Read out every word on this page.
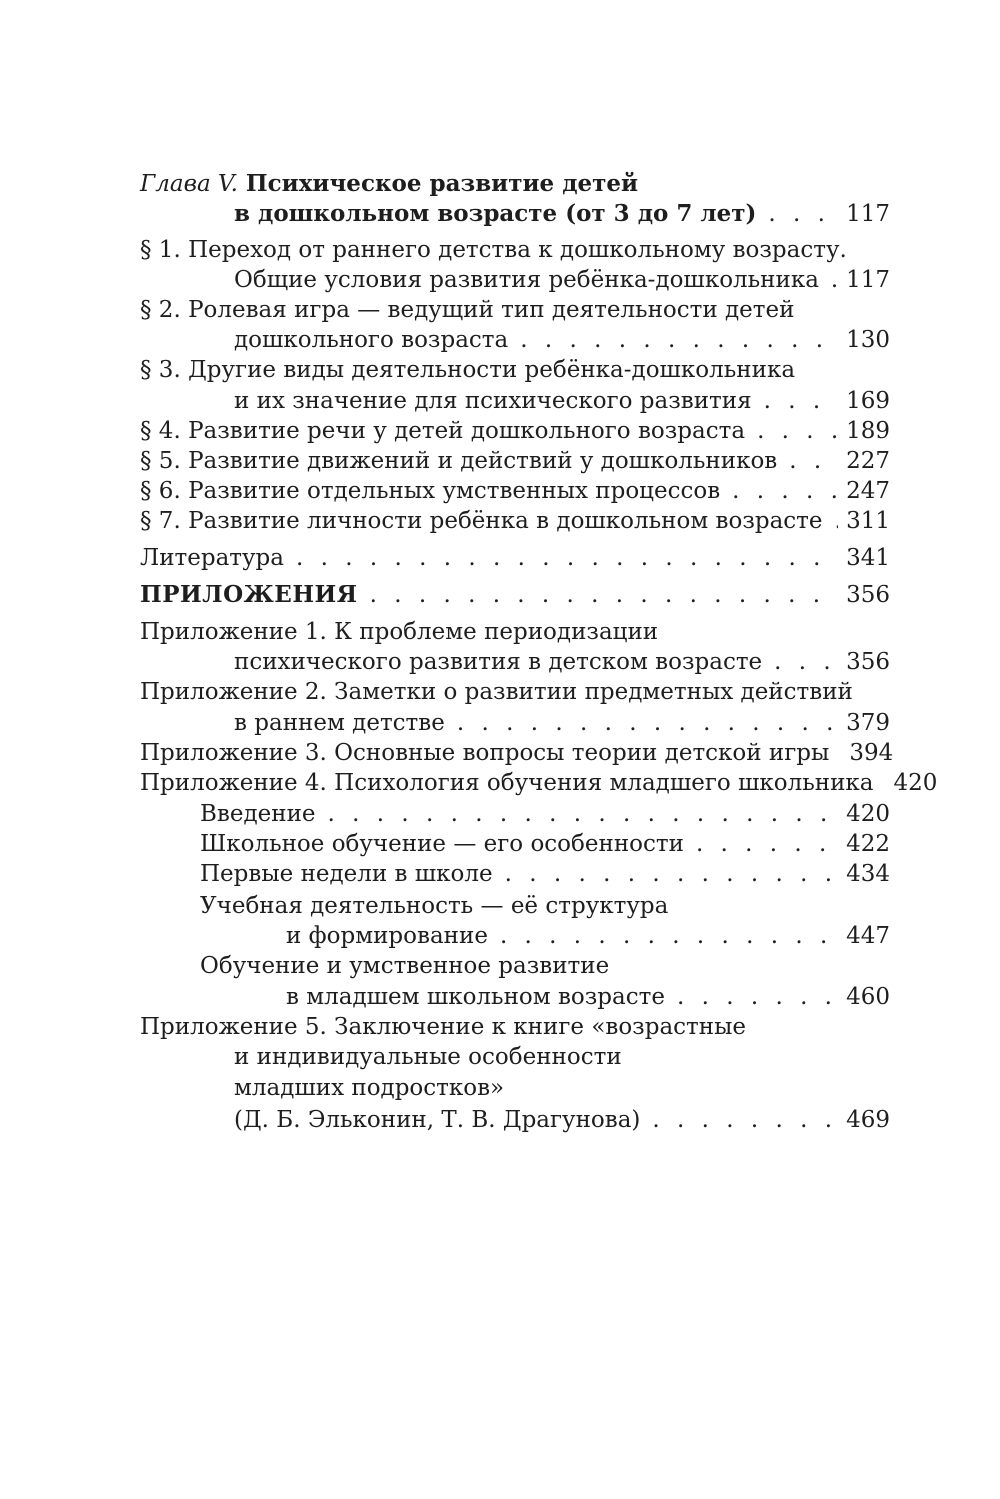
Глава V. Психическое развитие детей
в дошкольном возрасте (от 3 до 7 лет) . . .	117
§ 1. Переход от раннего детства к дошкольному возрасту.
Общие условия развития ребёнка-дошкольника . . . 117
§ 2. Ролевая игра — ведущий тип деятельности детей
дошкольного возраста . . .	130
§ 3. Другие виды деятельности ребёнка-дошкольника
и их значение для психического развития . . .	169
§ 4. Развитие речи у детей дошкольного возраста . . .	189
§ 5. Развитие движений и действий у дошкольников . . .	227
§ 6. Развитие отдельных умственных процессов . . .	247
§ 7. Развитие личности ребёнка в дошкольном возрасте . . . 311
Литература . . .	341
ПРИЛОЖЕНИЯ . . .	356
Приложение 1. К проблеме периодизации
психического развития в детском возрасте . . .	356
Приложение 2. Заметки о развитии предметных действий
в раннем детстве . . .	379
Приложение 3. Основные вопросы теории детской игры 394
Приложение 4. Психология обучения младшего школьника 420
Введение . . .	420
Школьное обучение — его особенности . . .	422
Первые недели в школе . . .	434
Учебная деятельность — её структура
и формирование . . .	447
Обучение и умственное развитие
в младшем школьном возрасте . . .	460
Приложение 5. Заключение к книге «возрастные
и индивидуальные особенности
младших подростков»
(Д. Б. Эльконин, Т. В. Драгунова) . . .	469
